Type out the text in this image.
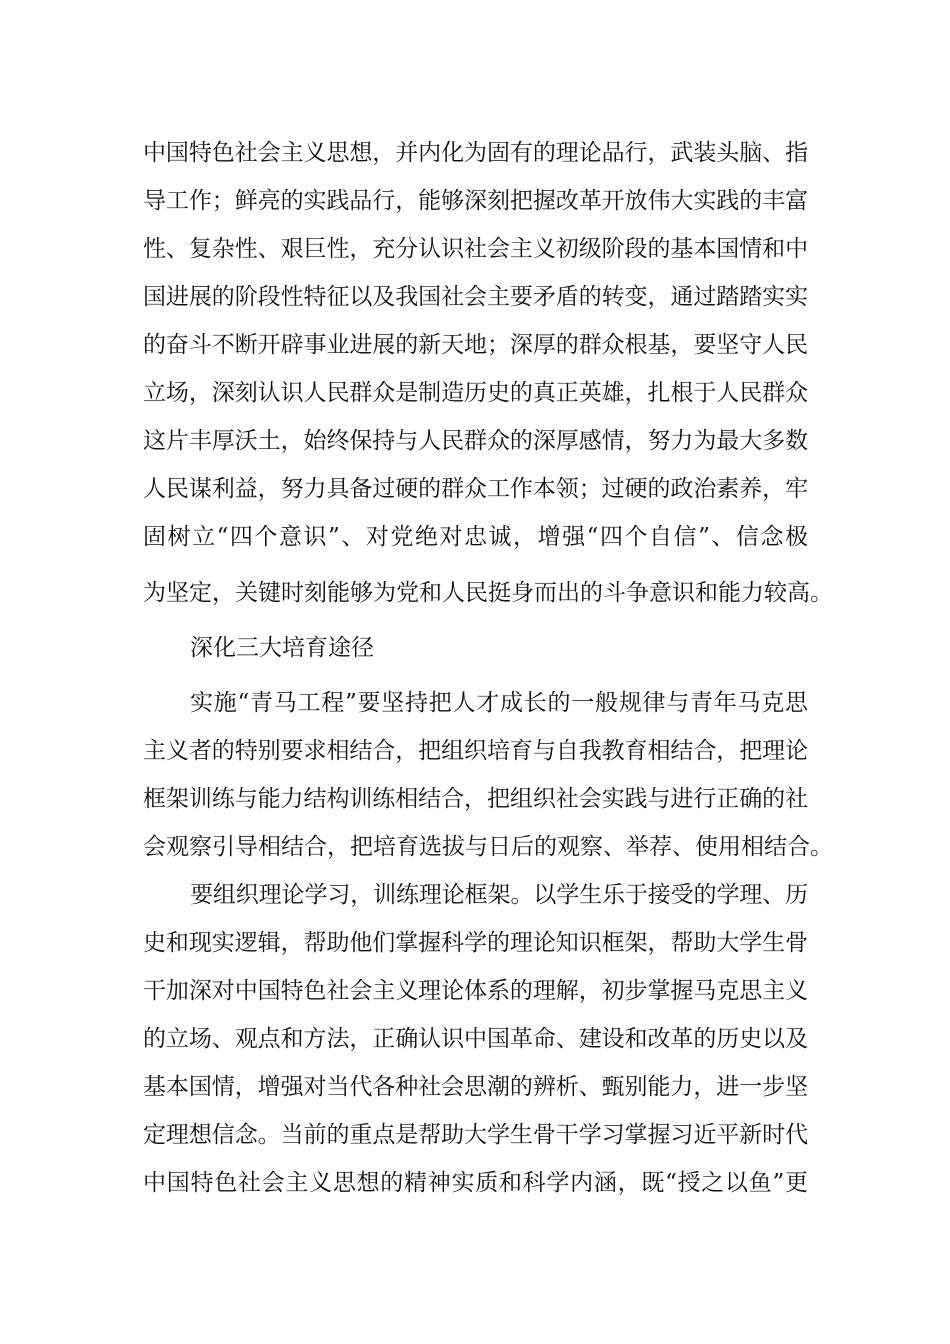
中国特色社会主义思想，并内化为固有的理论品行，武装头脑、指
导工作；鲜亮的实践品行，能够深刻把握改革开放伟大实践的丰富
性、复杂性、艰巨性，充分认识社会主义初级阶段的基本国情和中
国进展的阶段性特征以及我国社会主要矛盾的转变，通过踏踏实实
的奋斗不断开辟事业进展的新天地；深厚的群众根基，要坚守人民
立场，深刻认识人民群众是制造历史的真正英雄，扎根于人民群众
这片丰厚沃土，始终保持与人民群众的深厚感情，努力为最大多数
人民谋利益，努力具备过硬的群众工作本领；过硬的政治素养，牢
固树立“四个意识”、对党绝对忠诚，增强“四个自信”、信念极
为坚定，关键时刻能够为党和人民挺身而出的斗争意识和能力较高。
深化三大培育途径
实施“青马工程”要坚持把人才成长的一般规律与青年马克思
主义者的特别要求相结合，把组织培育与自我教育相结合，把理论
框架训练与能力结构训练相结合，把组织社会实践与进行正确的社
会观察引导相结合，把培育选拔与日后的观察、举荐、使用相结合。
要组织理论学习，训练理论框架。以学生乐于接受的学理、历
史和现实逻辑，帮助他们掌握科学的理论知识框架，帮助大学生骨
干加深对中国特色社会主义理论体系的理解，初步掌握马克思主义
的立场、观点和方法，正确认识中国革命、建设和改革的历史以及
基本国情，增强对当代各种社会思潮的辨析、甄别能力，进一步坚
定理想信念。当前的重点是帮助大学生骨干学习掌握习近平新时代
中国特色社会主义思想的精神实质和科学内涵，既“授之以鱼”更
